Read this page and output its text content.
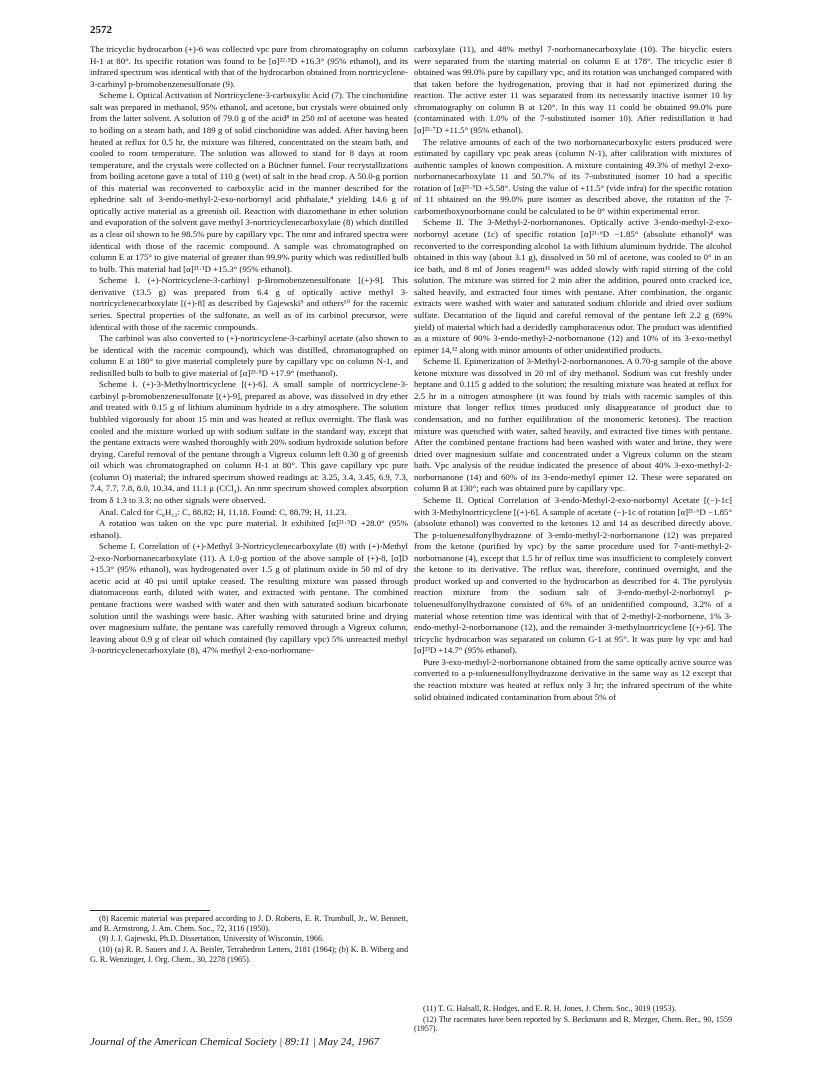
2572

The tricyclic hydrocarbon (+)-6 was collected vpc pure from chromatography on column H-1 at 80°. Its specific rotation was found to be [α]²²·⁵D +16.3° (95% ethanol), and its infrared spectrum was identical with that of the hydrocarbon obtained from nortricyclene-3-carbinyl p-bromobenzenesulfonate (9).

Scheme I. Optical Activation of Nortricyclene-3-carboxylic Acid (7). The cinchonidine salt was prepared in methanol, 95% ethanol, and acetone, but crystals were obtained only from the latter solvent. A solution of 79.0 g of the acid⁸ in 250 ml of acetone was heated to boiling on a steam bath, and 189 g of solid cinchonidine was added. After having been heated at reflux for 0.5 hr, the mixture was filtered, concentrated on the steam bath, and cooled to room temperature. The solution was allowed to stand for 8 days at room temperature, and the crystals were collected on a Büchner funnel. Four recrystallizations from boiling acetone gave a total of 110 g (wet) of salt in the head crop. A 50.0-g portion of this material was reconverted to carboxylic acid in the manner described for the ephedrine salt of 3-endo-methyl-2-exo-norbornyl acid phthalate,⁴ yielding 14.6 g of optically active material as a greenish oil. Reaction with diazomethane in ether solution and evaporation of the solvent gave methyl 3-nortricyclenecarboxylate (8) which distilled as a clear oil shown to be 98.5% pure by capillary vpc. The nmr and infrared spectra were identical with those of the racemic compound. A sample was chromatographed on column E at 175° to give material of greater than 99.9% purity which was redistilled bulb to bulb. This material had [α]²¹·¹D +15.3° (95% ethanol).

Scheme I. (+)-Nortricyclene-3-carbinyl p-Bromobenzenesulfonate [(+)-9]. This derivative (13.5 g) was prepared from 6.4 g of optically active methyl 3-nortricyclenecarboxylate [(+)-8] as described by Gajewski⁹ and others¹⁰ for the racemic series. Spectral properties of the sulfonate, as well as of its carbinol precursor, were identical with those of the racemic compounds.

The carbinol was also converted to (+)-nortricyclene-3-carbinyl acetate (also shown to be identical with the racemic compound), which was distilled, chromatographed on column E at 180° to give material completely pure by capillary vpc on column N-1, and redistilled bulb to bulb to give material of [α]²³·⁵D +17.9° (methanol).

Scheme I. (+)-3-Methylnortricyclene [(+)-6]. A small sample of nortricyclene-3-carbinyl p-bromobenzenesulfonate [(+)-9], prepared as above, was dissolved in dry ether and treated with 0.15 g of lithium aluminum hydride in a dry atmosphere. The solution bubbled vigorously for about 15 min and was heated at reflux overnight. The flask was cooled and the mixture worked up with sodium sulfate in the standard way, except that the pentane extracts were washed thoroughly with 20% sodium hydroxide solution before drying. Careful removal of the pentane through a Vigreux column left 0.30 g of greenish oil which was chromatographed on column H-1 at 80°. This gave capillary vpc pure (column O) material; the infrared spectrum showed readings at: 3.25, 3.4, 3.45, 6.9, 7.3, 7.4, 7.7, 7.8, 8.0, 10.34, and 11.1 μ (CCl₄). An nmr spectrum showed complex absorption from δ 1.3 to 3.3; no other signals were observed.

Anal. Calcd for C₈H₁₂: C, 88.82; H, 11.18. Found: C, 88.79; H, 11.23.

A rotation was taken on the vpc pure material. It exhibited [α]²¹·⁵D +28.0° (95% ethanol).

Scheme I. Correlation of (+)-Methyl 3-Nortricyclenecarboxylate (8) with (+)-Methyl 2-exo-Norbornanecarboxylate (11). A 1.0-g portion of the above sample of (+)-8, [α]D +15.3° (95% ethanol), was hydrogenated over 1.5 g of platinum oxide in 50 ml of dry acetic acid at 40 psi until uptake ceased. The resulting mixture was passed through diatomaceous earth, diluted with water, and extracted with pentane. The combined pentane fractions were washed with water and then with saturated sodium bicarbonate solution until the washings were basic. After washing with saturated brine and drying over magnesium sulfate, the pentane was carefully removed through a Vigreux column, leaving about 0.9 g of clear oil which contained (by capillary vpc) 5% unreacted methyl 3-nortricyclenecarboxylate (8), 47% methyl 2-exo-norbornane-

carboxylate (11), and 48% methyl 7-norbornanecarboxylate (10). The bicyclic esters were separated from the starting material on column E at 178°. The tricyclic ester 8 obtained was 99.0% pure by capillary vpc, and its rotation was unchanged compared with that taken before the hydrogenation, proving that it had not epimerized during the reaction. The active ester 11 was separated from its necessarily inactive isomer 10 by chromatography on column B at 120°. In this way 11 could be obtained 99.0% pure (contaminated with 1.0% of the 7-substituted isomer 10). After redistillation it had [α]²²·⁷D +11.5° (95% ethanol).

The relative amounts of each of the two norbornanecarboxylic esters produced were estimated by capillary vpc peak areas (column N-1), after calibration with mixtures of authentic samples of known composition. A mixture containing 49.3% of methyl 2-exo-norbornanecarboxylate 11 and 50.7% of its 7-substituted isomer 10 had a specific rotation of [α]²¹·⁵D +5.58°. Using the value of +11.5° (vide infra) for the specific rotation of 11 obtained on the 99.0% pure isomer as described above, the rotation of the 7-carbomethoxynorbornane could be calculated to be 0° within experimental error.

Scheme II. The 3-Methyl-2-norbornanones. Optically active 3-endo-methyl-2-exo-norbornyl acetate (1c) of specific rotation [α]²¹·⁶D −1.85° (absolute ethanol)⁴ was reconverted to the corresponding alcohol 1a with lithium aluminum hydride. The alcohol obtained in this way (about 3.1 g), dissolved in 50 ml of acetone, was cooled to 0° in an ice bath, and 8 ml of Jones reagent¹¹ was added slowly with rapid stirring of the cold solution. The mixture was stirred for 2 min after the addition, poured onto cracked ice, salted heavily, and extracted four times with pentane. After combination, the organic extracts were washed with water and saturated sodium chloride and dried over sodium sulfate. Decantation of the liquid and careful removal of the pentane left 2.2 g (69% yield) of material which had a decidedly camphoraceous odor. The product was identified as a mixture of 90% 3-endo-methyl-2-norbornanone (12) and 10% of its 3-exo-methyl epimer 14,¹² along with minor amounts of other unidentified products.

Scheme II. Epimerization of 3-Methyl-2-norbornanones. A 0.70-g sample of the above ketone mixture was dissolved in 20 ml of dry methanol. Sodium was cut freshly under heptane and 0.115 g added to the solution; the resulting mixture was heated at reflux for 2.5 hr in a nitrogen atmosphere (it was found by trials with racemic samples of this mixture that longer reflux times produced only disappearance of product due to condensation, and no further equilibration of the monomeric ketones). The reaction mixture was quenched with water, salted heavily, and extracted five times with pentane. After the combined pentane fractions had been washed with water and brine, they were dried over magnesium sulfate and concentrated under a Vigreux column on the steam bath. Vpc analysis of the residue indicated the presence of about 40% 3-exo-methyl-2-norbornanone (14) and 60% of its 3-endo-methyl epimer 12. These were separated on column B at 130°; each was obtained pure by capillary vpc.

Scheme II. Optical Correlation of 3-endo-Methyl-2-exo-norbornyl Acetate [(−)-1c] with 3-Methylnortricyclene [(+)-6]. A sample of acetate (−)-1c of rotation [α]²¹·⁶D −1.85° (absolute ethanol) was converted to the ketones 12 and 14 as described directly above. The p-toluenesulfonylhydrazone of 3-endo-methyl-2-norbornanone (12) was prepared from the ketone (purified by vpc) by the same procedure used for 7-anti-methyl-2-norbornanone (4), except that 1.5 hr of reflux time was insufficient to completely convert the ketone to its derivative. The reflux was, therefore, continued overnight, and the product worked up and converted to the hydrocarbon as described for 4. The pyrolysis reaction mixture from the sodium salt of 3-endo-methyl-2-norbornyl p-toluenesulfonylhydrazone consisted of 6% of an unidentified compound, 3.2% of a material whose retention time was identical with that of 2-methyl-2-norbornene, 1% 3-endo-methyl-2-norbornanone (12), and the remainder 3-methylnortricyclene [(+)-6]. The tricyclic hydrocarbon was separated on column G-1 at 95°. It was pure by vpc and had [α]²³D +14.7° (95% ethanol).

Pure 3-exo-methyl-2-norbornanone obtained from the same optically active source was converted to a p-toluenesulfonylhydrazone derivative in the same way as 12 except that the reaction mixture was heated at reflux only 3 hr; the infrared spectrum of the white solid obtained indicated contamination from about 5% of

(8) Racemic material was prepared according to J. D. Roberts, E. R. Trumbull, Jr., W. Bennett, and R. Armstrong, J. Am. Chem. Soc., 72, 3116 (1950).

(9) J. J. Gajewski, Ph.D. Dissertation, University of Wisconsin, 1966.

(10) (a) R. R. Sauers and J. A. Beisler, Tetrahedron Letters, 2181 (1964); (b) K. B. Wiberg and G. R. Wenzinger, J. Org. Chem., 30, 2278 (1965).

(11) T. G. Halsall, R. Hodges, and E. R. H. Jones, J. Chem. Soc., 3019 (1953).

(12) The racemates have been reported by S. Beckmann and R. Mezger, Chem. Ber., 90, 1559 (1957).

Journal of the American Chemical Society | 89:11 | May 24, 1967
